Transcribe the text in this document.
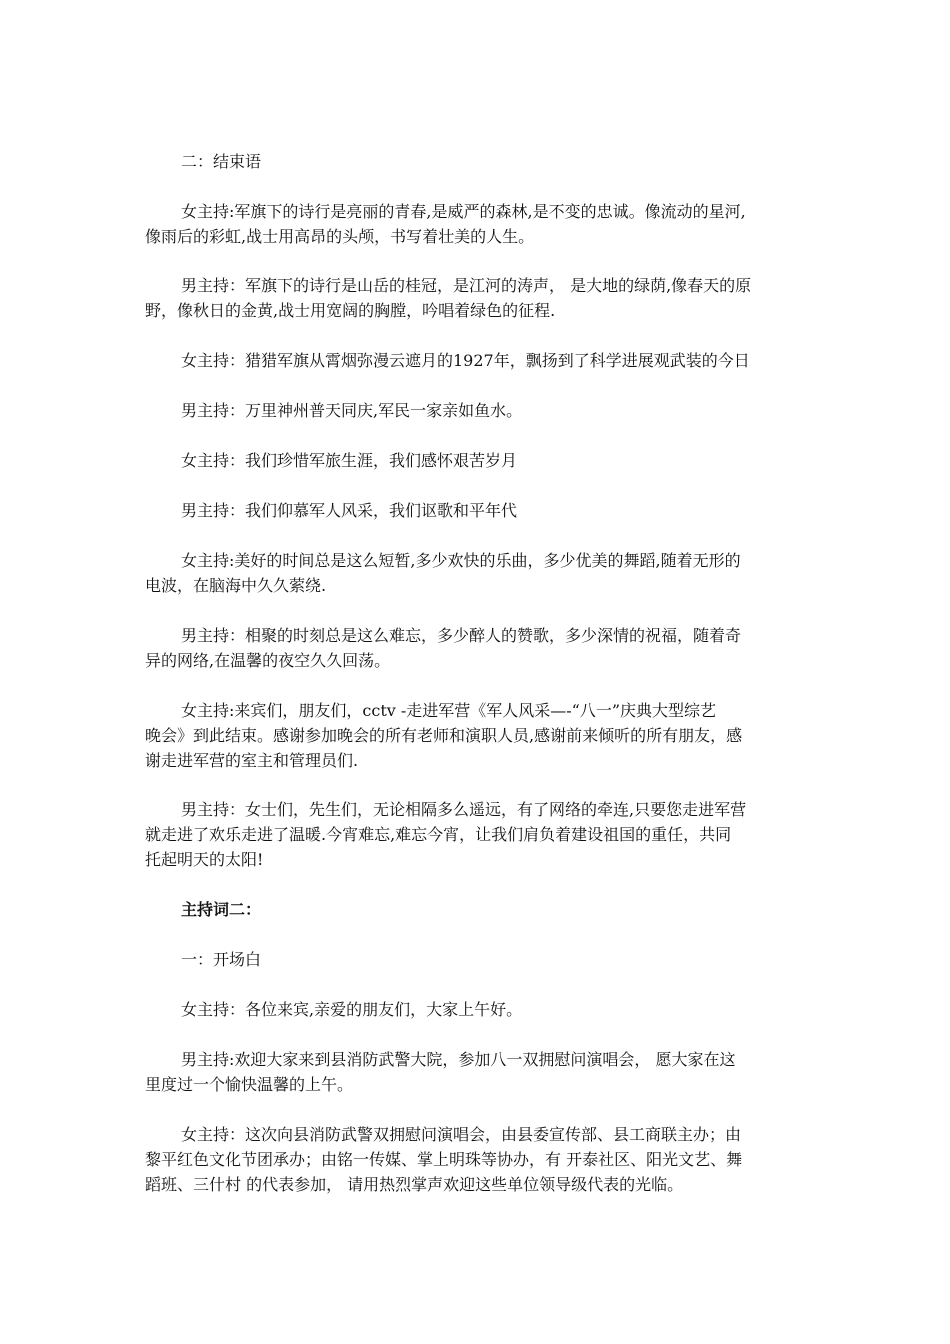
二：结束语
女主持:军旗下的诗行是亮丽的青春,是威严的森林,是不变的忠诚。像流动的星河,
像雨后的彩虹,战士用高昂的头颅，书写着壮美的人生。
男主持：军旗下的诗行是山岳的桂冠，是江河的涛声， 是大地的绿荫,像春天的原
野，像秋日的金黄,战士用宽阔的胸膛，吟唱着绿色的征程.
女主持：猎猎军旗从霄烟弥漫云遮月的1927年，飘扬到了科学进展观武装的今日
男主持：万里神州普天同庆,军民一家亲如鱼水。
女主持：我们珍惜军旅生涯，我们感怀艰苦岁月
男主持：我们仰慕军人风采，我们讴歌和平年代
女主持:美好的时间总是这么短暂,多少欢快的乐曲，多少优美的舞蹈,随着无形的
电波，在脑海中久久萦绕.
男主持：相聚的时刻总是这么难忘，多少醉人的赞歌，多少深情的祝福，随着奇
异的网络,在温馨的夜空久久回荡。
女主持:来宾们，朋友们，cctv -走进军营《军人风采—-“八一”庆典大型综艺
晚会》到此结束。感谢参加晚会的所有老师和演职人员,感谢前来倾听的所有朋友，感
谢走进军营的室主和管理员们.
男主持：女士们，先生们，无论相隔多么遥远，有了网络的牵连,只要您走进军营
就走进了欢乐走进了温暖.今宵难忘,难忘今宵，让我们肩负着建设祖国的重任，共同
托起明天的太阳!
主持词二：
一：开场白
女主持：各位来宾,亲爱的朋友们，大家上午好。
男主持:欢迎大家来到县消防武警大院，参加八一双拥慰问演唱会， 愿大家在这
里度过一个愉快温馨的上午。
女主持：这次向县消防武警双拥慰问演唱会，由县委宣传部、县工商联主办；由
黎平红色文化节团承办；由铭一传媒、掌上明珠等协办，有 开泰社区、阳光文艺、舞
蹈班、三什村 的代表参加， 请用热烈掌声欢迎这些单位领导级代表的光临。
